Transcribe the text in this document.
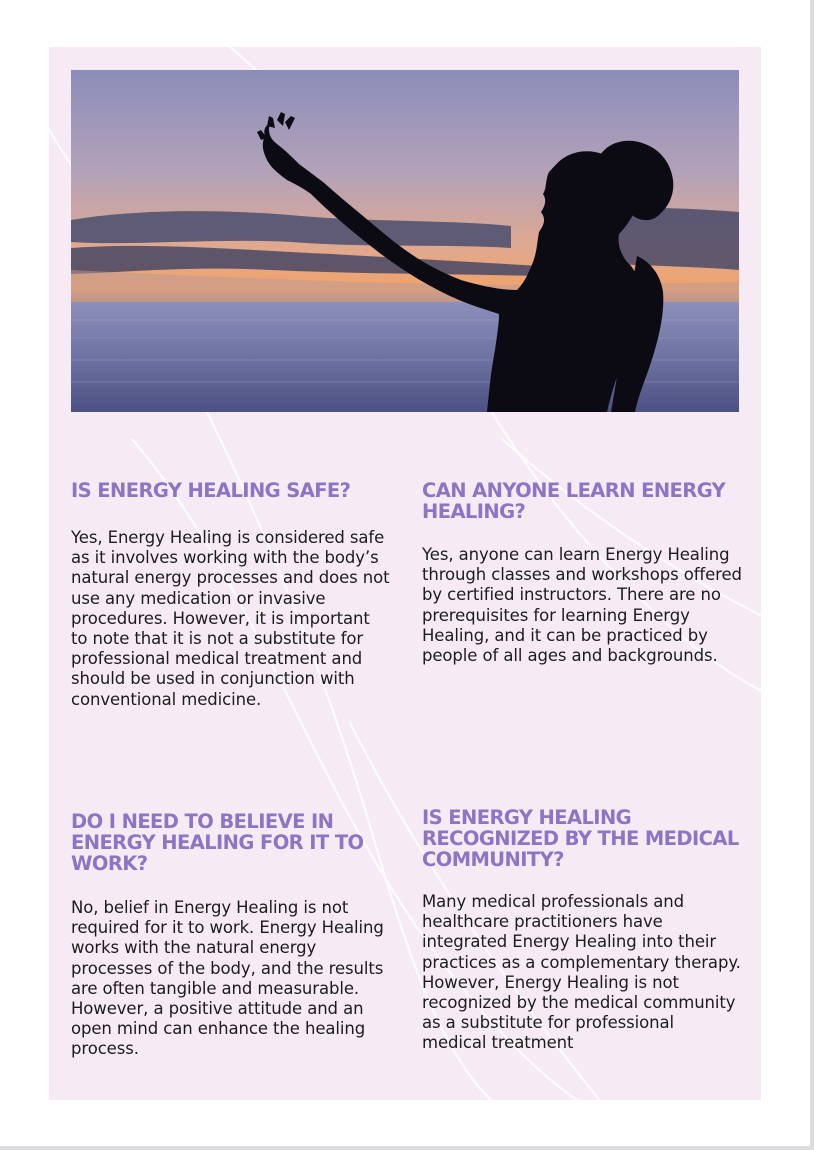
IS ENERGY HEALING SAFE?

Yes, Energy Healing is considered safe as it involves working with the body’s natural energy processes and does not use any medication or invasive procedures. However, it is important to note that it is not a substitute for professional medical treatment and should be used in conjunction with conventional medicine.

CAN ANYONE LEARN ENERGY HEALING?

Yes, anyone can learn Energy Healing through classes and workshops offered by certified instructors. There are no prerequisites for learning Energy Healing, and it can be practiced by people of all ages and backgrounds.

DO I NEED TO BELIEVE IN ENERGY HEALING FOR IT TO WORK?

No, belief in Energy Healing is not required for it to work. Energy Healing works with the natural energy processes of the body, and the results are often tangible and measurable. However, a positive attitude and an open mind can enhance the healing process.

IS ENERGY HEALING RECOGNIZED BY THE MEDICAL COMMUNITY?

Many medical professionals and healthcare practitioners have integrated Energy Healing into their practices as a complementary therapy. However, Energy Healing is not recognized by the medical community as a substitute for professional medical treatment
